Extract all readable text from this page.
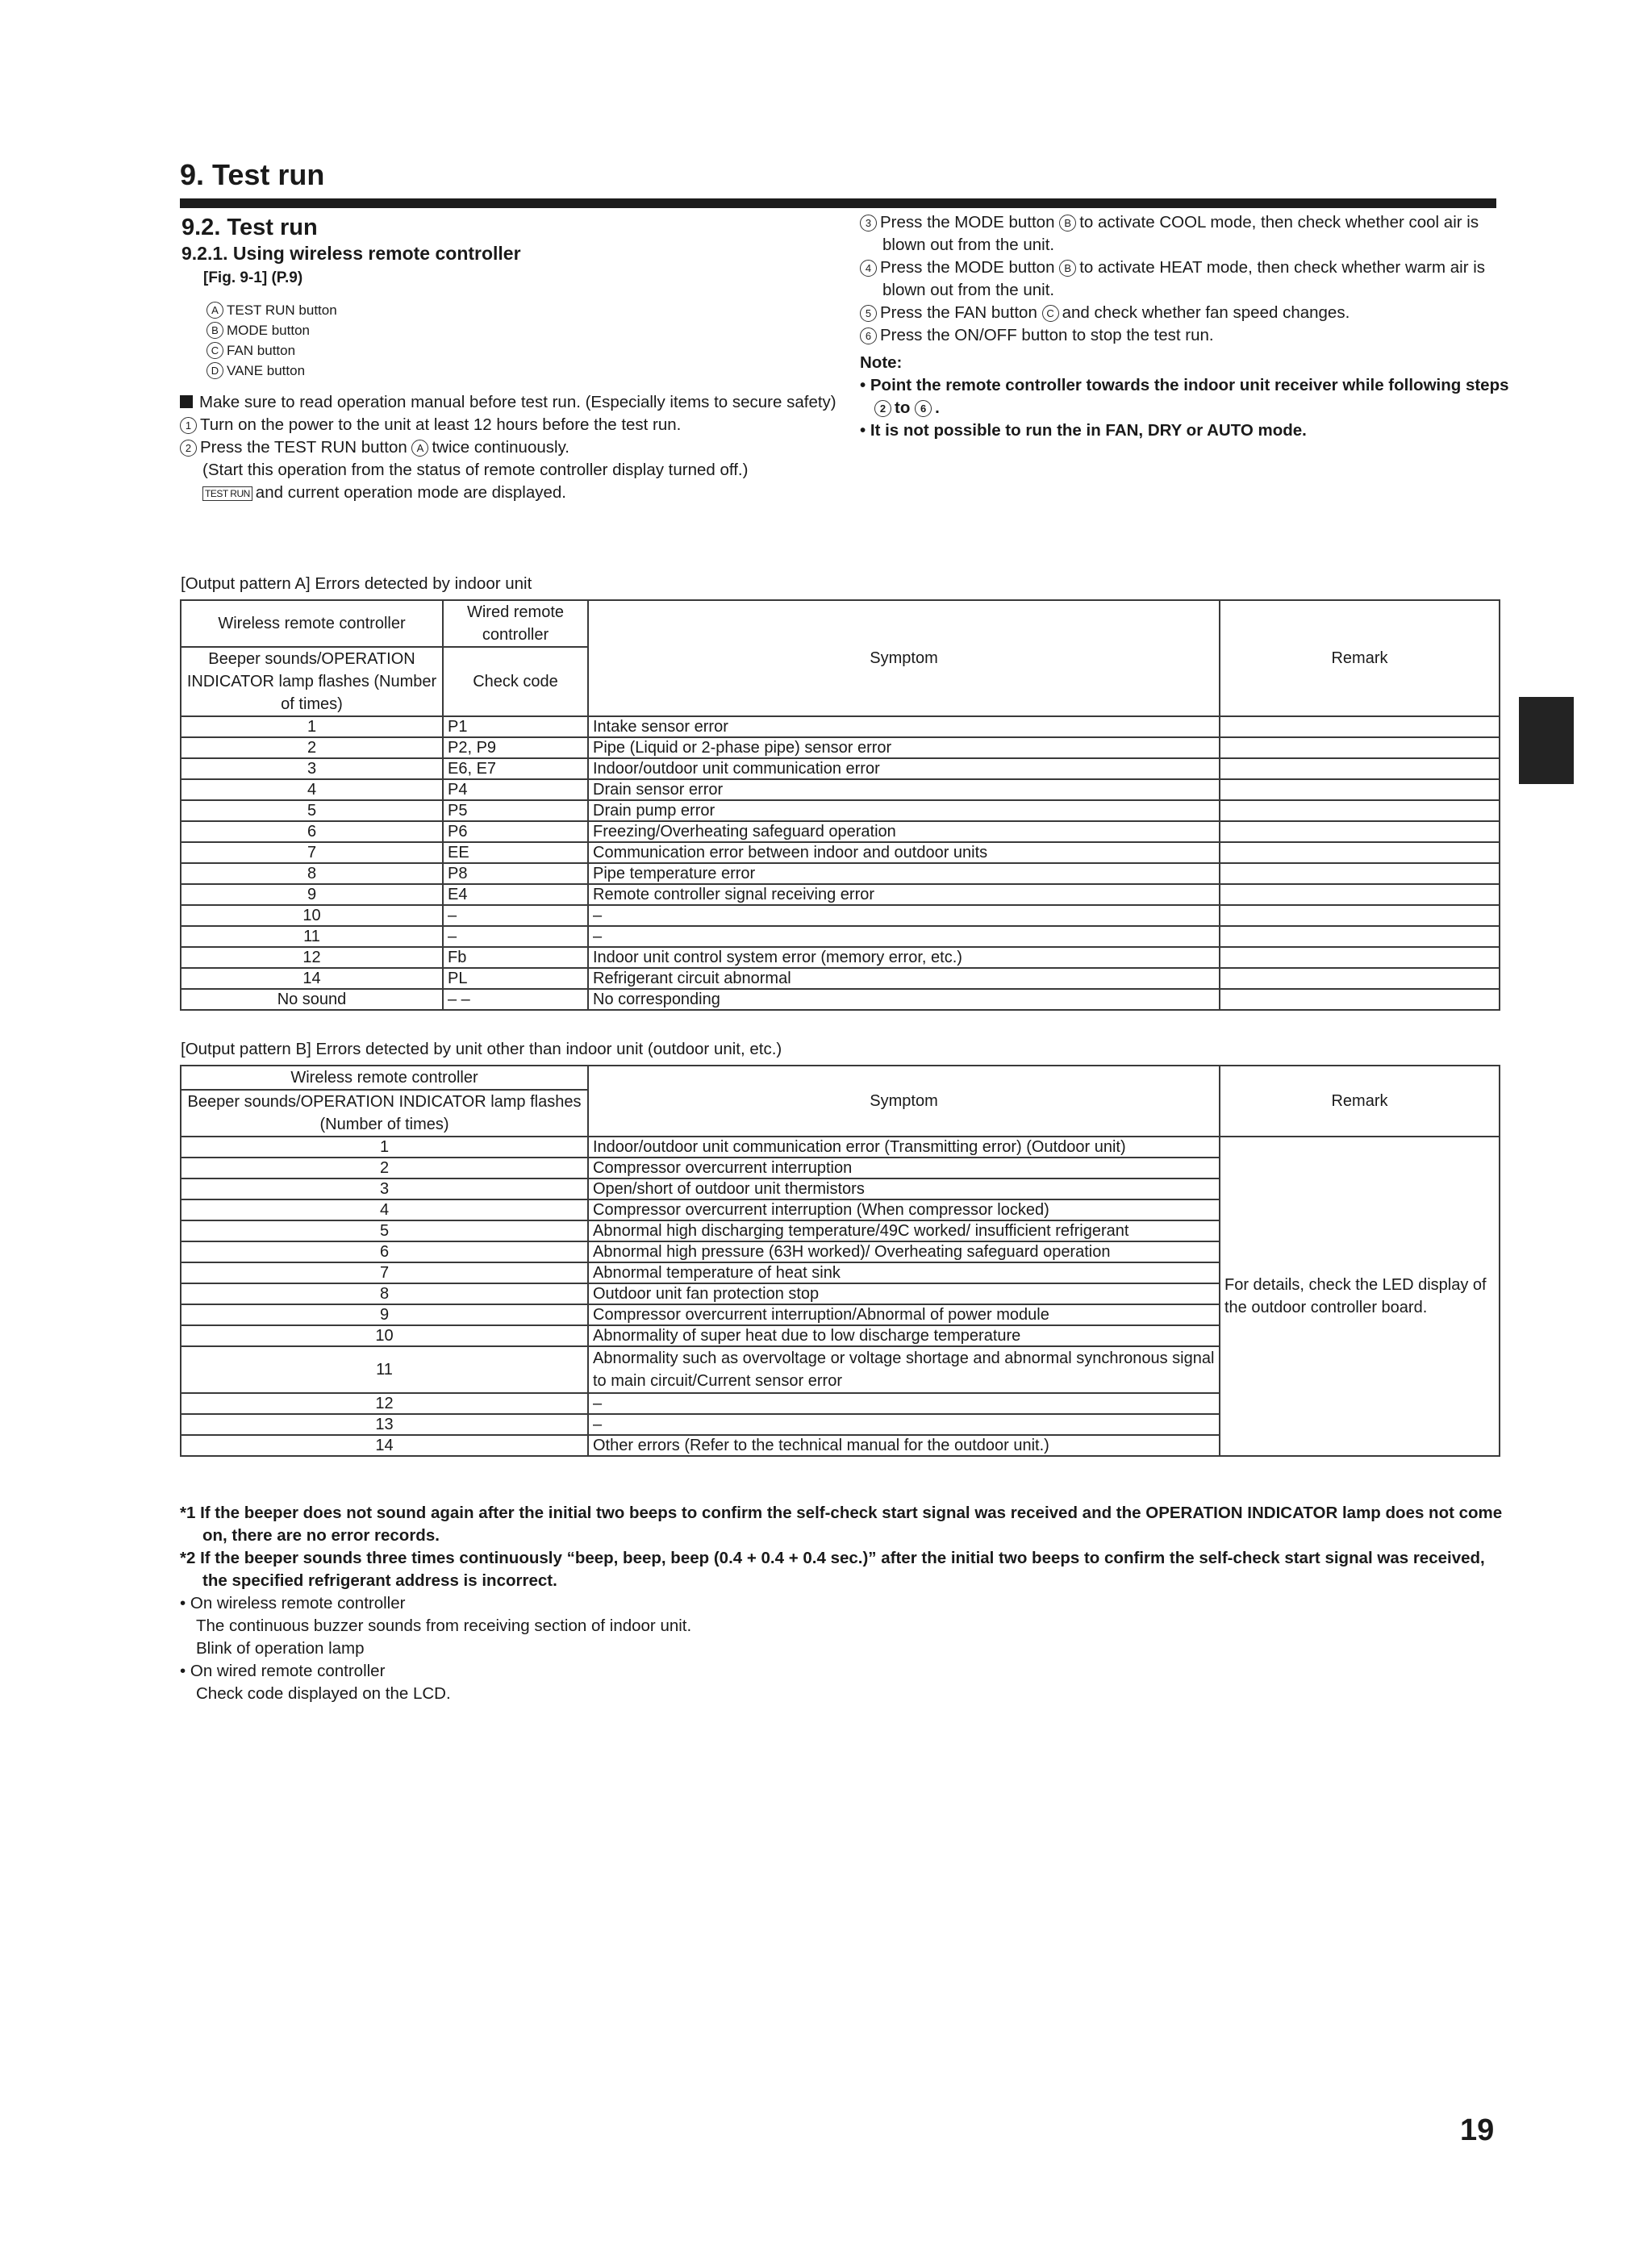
9. Test run
9.2. Test run
9.2.1. Using wireless remote controller
[Fig. 9-1] (P.9)
A TEST RUN button
B MODE button
C FAN button
D VANE button

Make sure to read operation manual before test run. (Especially items to secure safety)

1 Turn on the power to the unit at least 12 hours before the test run.

2 Press the TEST RUN button A twice continuously.

(Start this operation from the status of remote controller display turned off.)

TEST RUN and current operation mode are displayed.

3 Press the MODE button B to activate COOL mode, then check whether cool air is blown out from the unit.

4 Press the MODE button B to activate HEAT mode, then check whether warm air is blown out from the unit.

5 Press the FAN button C and check whether fan speed changes.

6 Press the ON/OFF button to stop the test run.

Note:

• Point the remote controller towards the indoor unit receiver while following steps 2 to 6 .

• It is not possible to run the in FAN, DRY or AUTO mode.

[Output pattern A] Errors detected by indoor unit
Wireless remote controller	Wired remote controller	Symptom	Remark
Beeper sounds/OPERATION INDICATOR lamp flashes (Number of times)	Check code		
1	P1	Intake sensor error	
2	P2, P9	Pipe (Liquid or 2-phase pipe) sensor error	
3	E6, E7	Indoor/outdoor unit communication error	
4	P4	Drain sensor error	
5	P5	Drain pump error	
6	P6	Freezing/Overheating safeguard operation	
7	EE	Communication error between indoor and outdoor units	
8	P8	Pipe temperature error	
9	E4	Remote controller signal receiving error	
10	–	–	
11	–	–	
12	Fb	Indoor unit control system error (memory error, etc.)	
14	PL	Refrigerant circuit abnormal	
No sound	– –	No corresponding	
[Output pattern B] Errors detected by unit other than indoor unit (outdoor unit, etc.)
Wireless remote controller	Symptom	Remark
Beeper sounds/OPERATION INDICATOR lamp flashes (Number of times)		
1	Indoor/outdoor unit communication error (Transmitting error) (Outdoor unit)	For details, check the LED display of the outdoor controller board.
2	Compressor overcurrent interruption	
3	Open/short of outdoor unit thermistors	
4	Compressor overcurrent interruption (When compressor locked)	
5	Abnormal high discharging temperature/49C worked/ insufficient refrigerant	
6	Abnormal high pressure (63H worked)/ Overheating safeguard operation	
7	Abnormal temperature of heat sink	
8	Outdoor unit fan protection stop	
9	Compressor overcurrent interruption/Abnormal of power module	
10	Abnormality of super heat due to low discharge temperature	
11	Abnormality such as overvoltage or voltage shortage and abnormal synchronous signal to main circuit/Current sensor error	
12	–	
13	–	
14	Other errors (Refer to the technical manual for the outdoor unit.)	

*1 If the beeper does not sound again after the initial two beeps to confirm the self-check start signal was received and the OPERATION INDICATOR lamp does not come on, there are no error records.

*2 If the beeper sounds three times continuously “beep, beep, beep (0.4 + 0.4 + 0.4 sec.)” after the initial two beeps to confirm the self-check start signal was received, the specified refrigerant address is incorrect.

• On wireless remote controller

The continuous buzzer sounds from receiving section of indoor unit.

Blink of operation lamp

• On wired remote controller

Check code displayed on the LCD.

19
